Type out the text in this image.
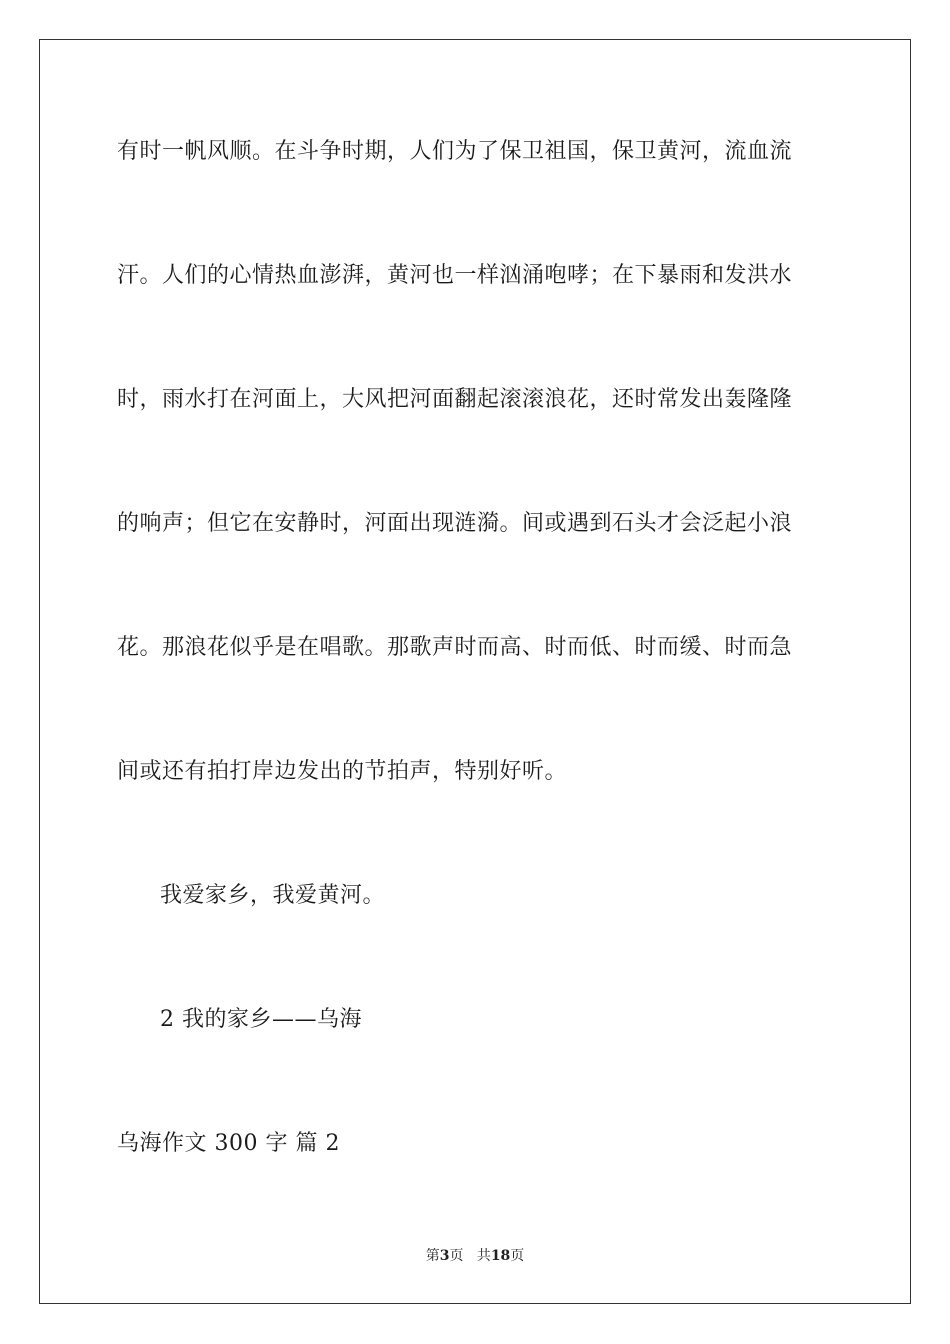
有时一帆风顺。在斗争时期，人们为了保卫祖国，保卫黄河，流血流
汗。人们的心情热血澎湃，黄河也一样汹涌咆哮；在下暴雨和发洪水
时，雨水打在河面上，大风把河面翻起滚滚浪花，还时常发出轰隆隆
的响声；但它在安静时，河面出现涟漪。间或遇到石头才会泛起小浪
花。那浪花似乎是在唱歌。那歌声时而高、时而低、时而缓、时而急
间或还有拍打岸边发出的节拍声，特别好听。
我爱家乡，我爱黄河。
2 我的家乡——乌海
乌海作文 300 字 篇 2
第3页 共18页
